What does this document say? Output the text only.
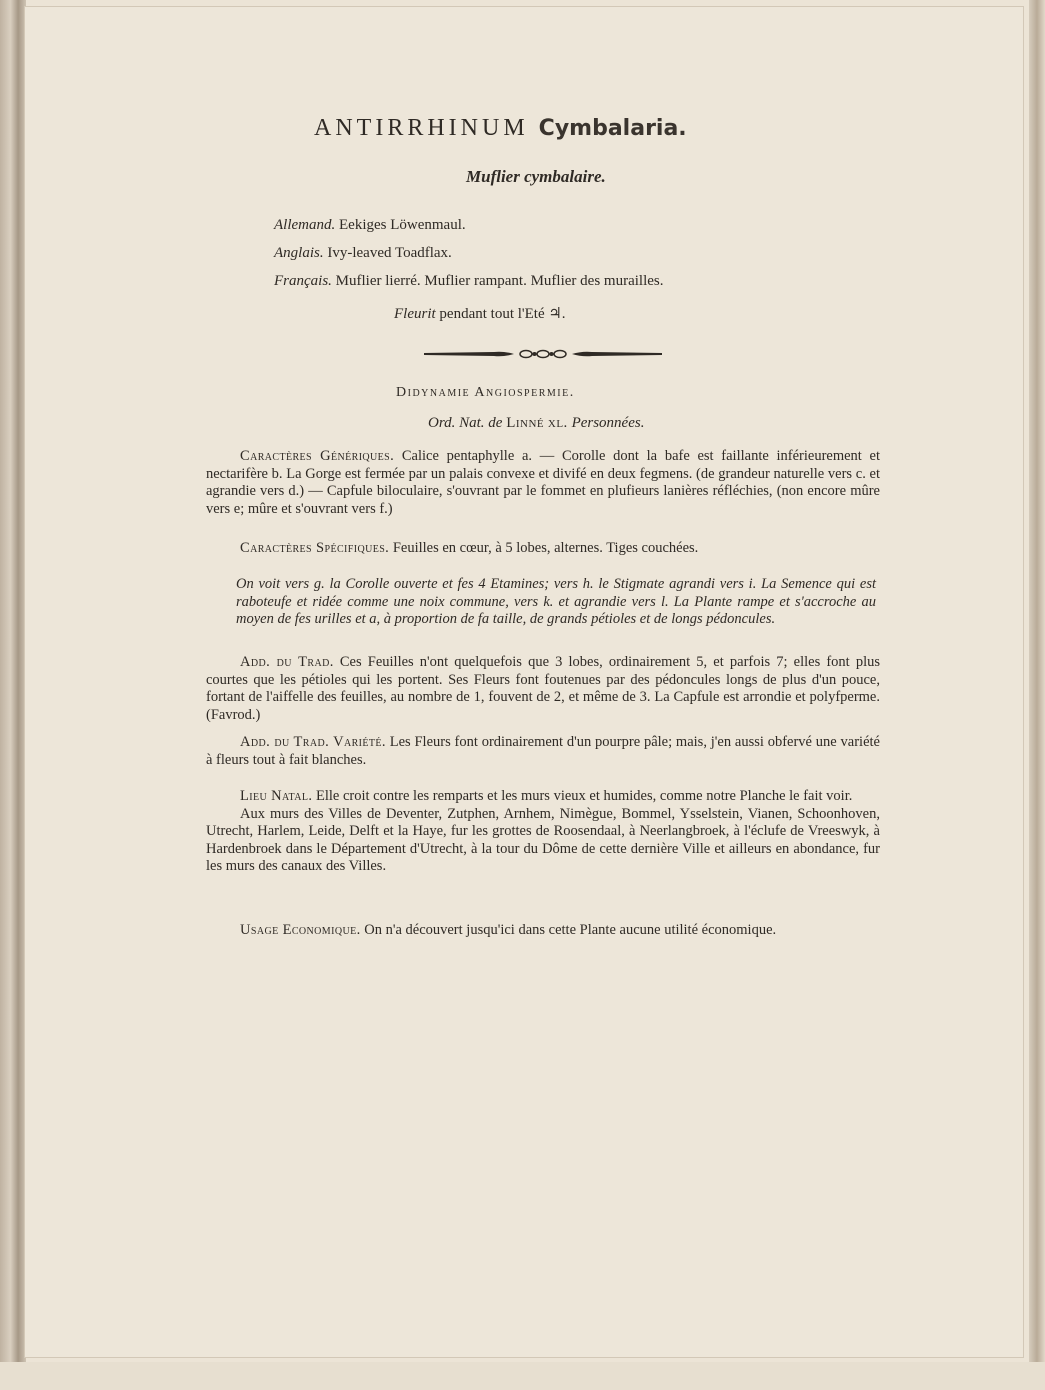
ANTIRRHINUM Cymbalaria.
Muflier cymbalaire.
Allemand. Eekiges Löwenmaul.
Anglais. Ivy-leaved Toadflax.
Français. Muflier lierré. Muflier rampant. Muflier des murailles.
Fleurit pendant tout l'Eté ♃.
Didynamie Angiospermie.
Ord. Nat. de Linné xl. Personnées.

Caractères Génériques. Calice pentaphylle a. — Corolle dont la bafe est faillante inférieurement et nectarifère b. La Gorge est fermée par un palais convexe et divifé en deux fegmens. (de grandeur naturelle vers c. et agrandie vers d.) — Capfule biloculaire, s'ouvrant par le fommet en plufieurs lanières réfléchies, (non encore mûre vers e; mûre et s'ouvrant vers f.)

Caractères Spécifiques. Feuilles en cœur, à 5 lobes, alternes. Tiges couchées.

On voit vers g. la Corolle ouverte et fes 4 Etamines; vers h. le Stigmate agrandi vers i. La Semence qui est raboteufe et ridée comme une noix commune, vers k. et agrandie vers l. La Plante rampe et s'accroche au moyen de fes urilles et a, à proportion de fa taille, de grands pétioles et de longs pédoncules.

Add. du Trad. Ces Feuilles n'ont quelquefois que 3 lobes, ordinairement 5, et parfois 7; elles font plus courtes que les pétioles qui les portent. Ses Fleurs font foutenues par des pédoncules longs de plus d'un pouce, fortant de l'aiffelle des feuilles, au nombre de 1, fouvent de 2, et même de 3. La Capfule est arrondie et polyfperme. (Favrod.)

Add. du Trad. Variété. Les Fleurs font ordinairement d'un pourpre pâle; mais, j'en aussi obfervé une variété à fleurs tout à fait blanches.

Lieu Natal. Elle croit contre les remparts et les murs vieux et humides, comme notre Planche le fait voir.

Aux murs des Villes de Deventer, Zutphen, Arnhem, Nimègue, Bommel, Ysselstein, Vianen, Schoonhoven, Utrecht, Harlem, Leide, Delft et la Haye, fur les grottes de Roosendaal, à Neerlangbroek, à l'éclufe de Vreeswyk, à Hardenbroek dans le Département d'Utrecht, à la tour du Dôme de cette dernière Ville et ailleurs en abondance, fur les murs des canaux des Villes.

Usage Economique. On n'a découvert jusqu'ici dans cette Plante aucune utilité économique.
